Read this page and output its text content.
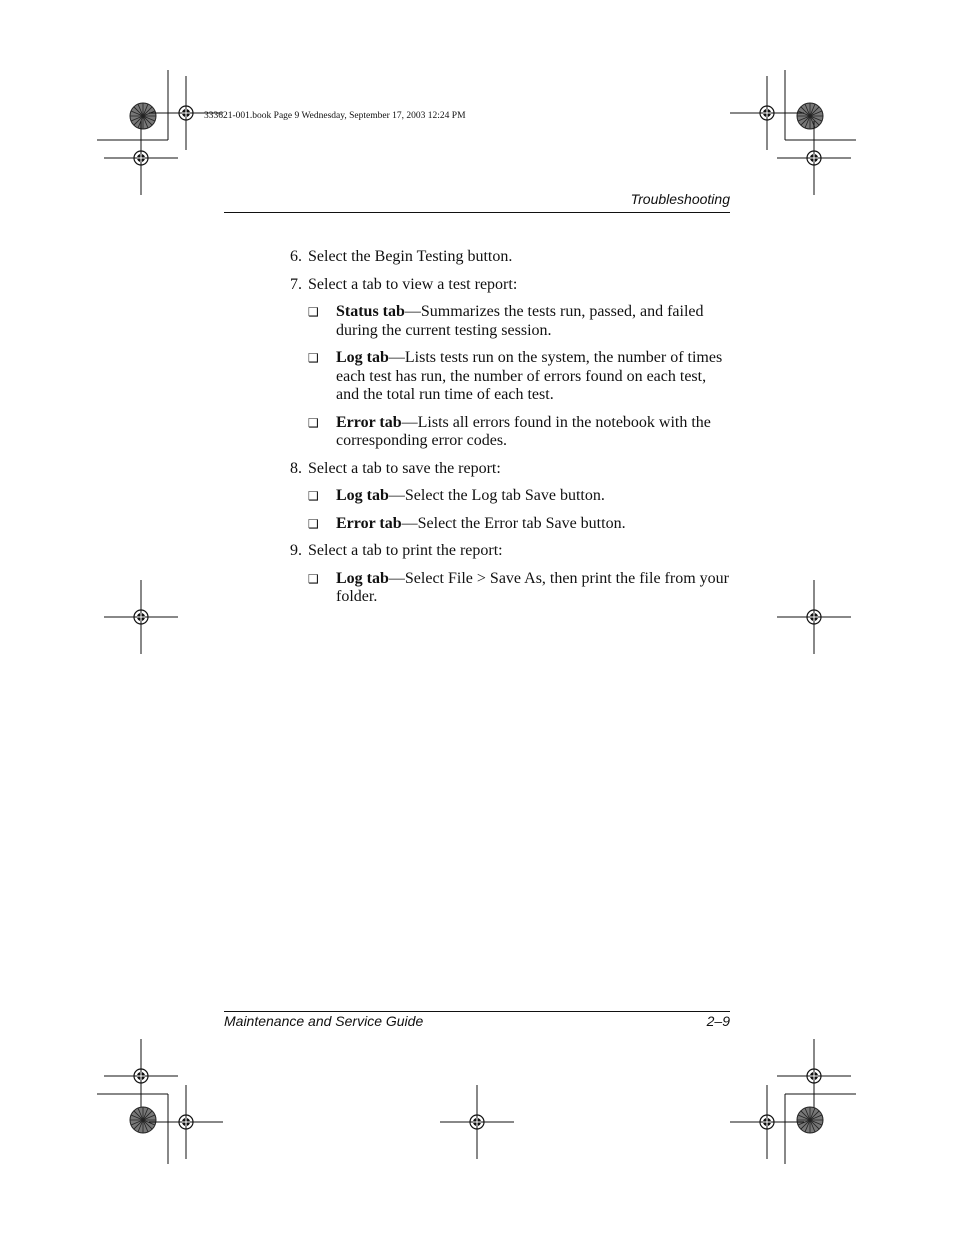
333621-001.book Page 9 Wednesday, September 17, 2003 12:24 PM
Troubleshooting
6. Select the Begin Testing button.
7. Select a tab to view a test report:
❑	Status tab—Summarizes the tests run, passed, and failed during the current testing session.
❑	Log tab—Lists tests run on the system, the number of times each test has run, the number of errors found on each test, and the total run time of each test.
❑	Error tab—Lists all errors found in the notebook with the corresponding error codes.
8. Select a tab to save the report:
❑	Log tab—Select the Log tab Save button.
❑	Error tab—Select the Error tab Save button.
9. Select a tab to print the report:
❑	Log tab—Select File > Save As, then print the file from your folder.
Maintenance and Service Guide	2–9
